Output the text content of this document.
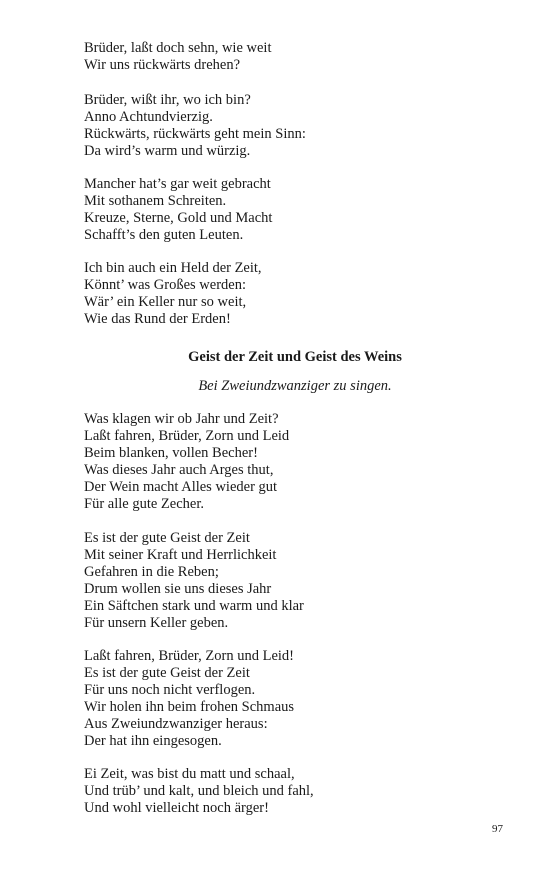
Brüder, laßt doch sehn, wie weit
Wir uns rückwärts drehen?
Brüder, wißt ihr, wo ich bin?
Anno Achtundvierzig.
Rückwärts, rückwärts geht mein Sinn:
Da wird’s warm und würzig.
Mancher hat’s gar weit gebracht
Mit sothanem Schreiten.
Kreuze, Sterne, Gold und Macht
Schafft’s den guten Leuten.
Ich bin auch ein Held der Zeit,
Könnt’ was Großes werden:
Wär’ ein Keller nur so weit,
Wie das Rund der Erden!
Geist der Zeit und Geist des Weins

Bei Zweiundzwanziger zu singen.

Was klagen wir ob Jahr und Zeit?
Laßt fahren, Brüder, Zorn und Leid
Beim blanken, vollen Becher!
Was dieses Jahr auch Arges thut,
Der Wein macht Alles wieder gut
Für alle gute Zecher.
Es ist der gute Geist der Zeit
Mit seiner Kraft und Herrlichkeit
Gefahren in die Reben;
Drum wollen sie uns dieses Jahr
Ein Säftchen stark und warm und klar
Für unsern Keller geben.
Laßt fahren, Brüder, Zorn und Leid!
Es ist der gute Geist der Zeit
Für uns noch nicht verflogen.
Wir holen ihn beim frohen Schmaus
Aus Zweiundzwanziger heraus:
Der hat ihn eingesogen.
Ei Zeit, was bist du matt und schaal,
Und trüb’ und kalt, und bleich und fahl,
Und wohl vielleicht noch ärger!
97
